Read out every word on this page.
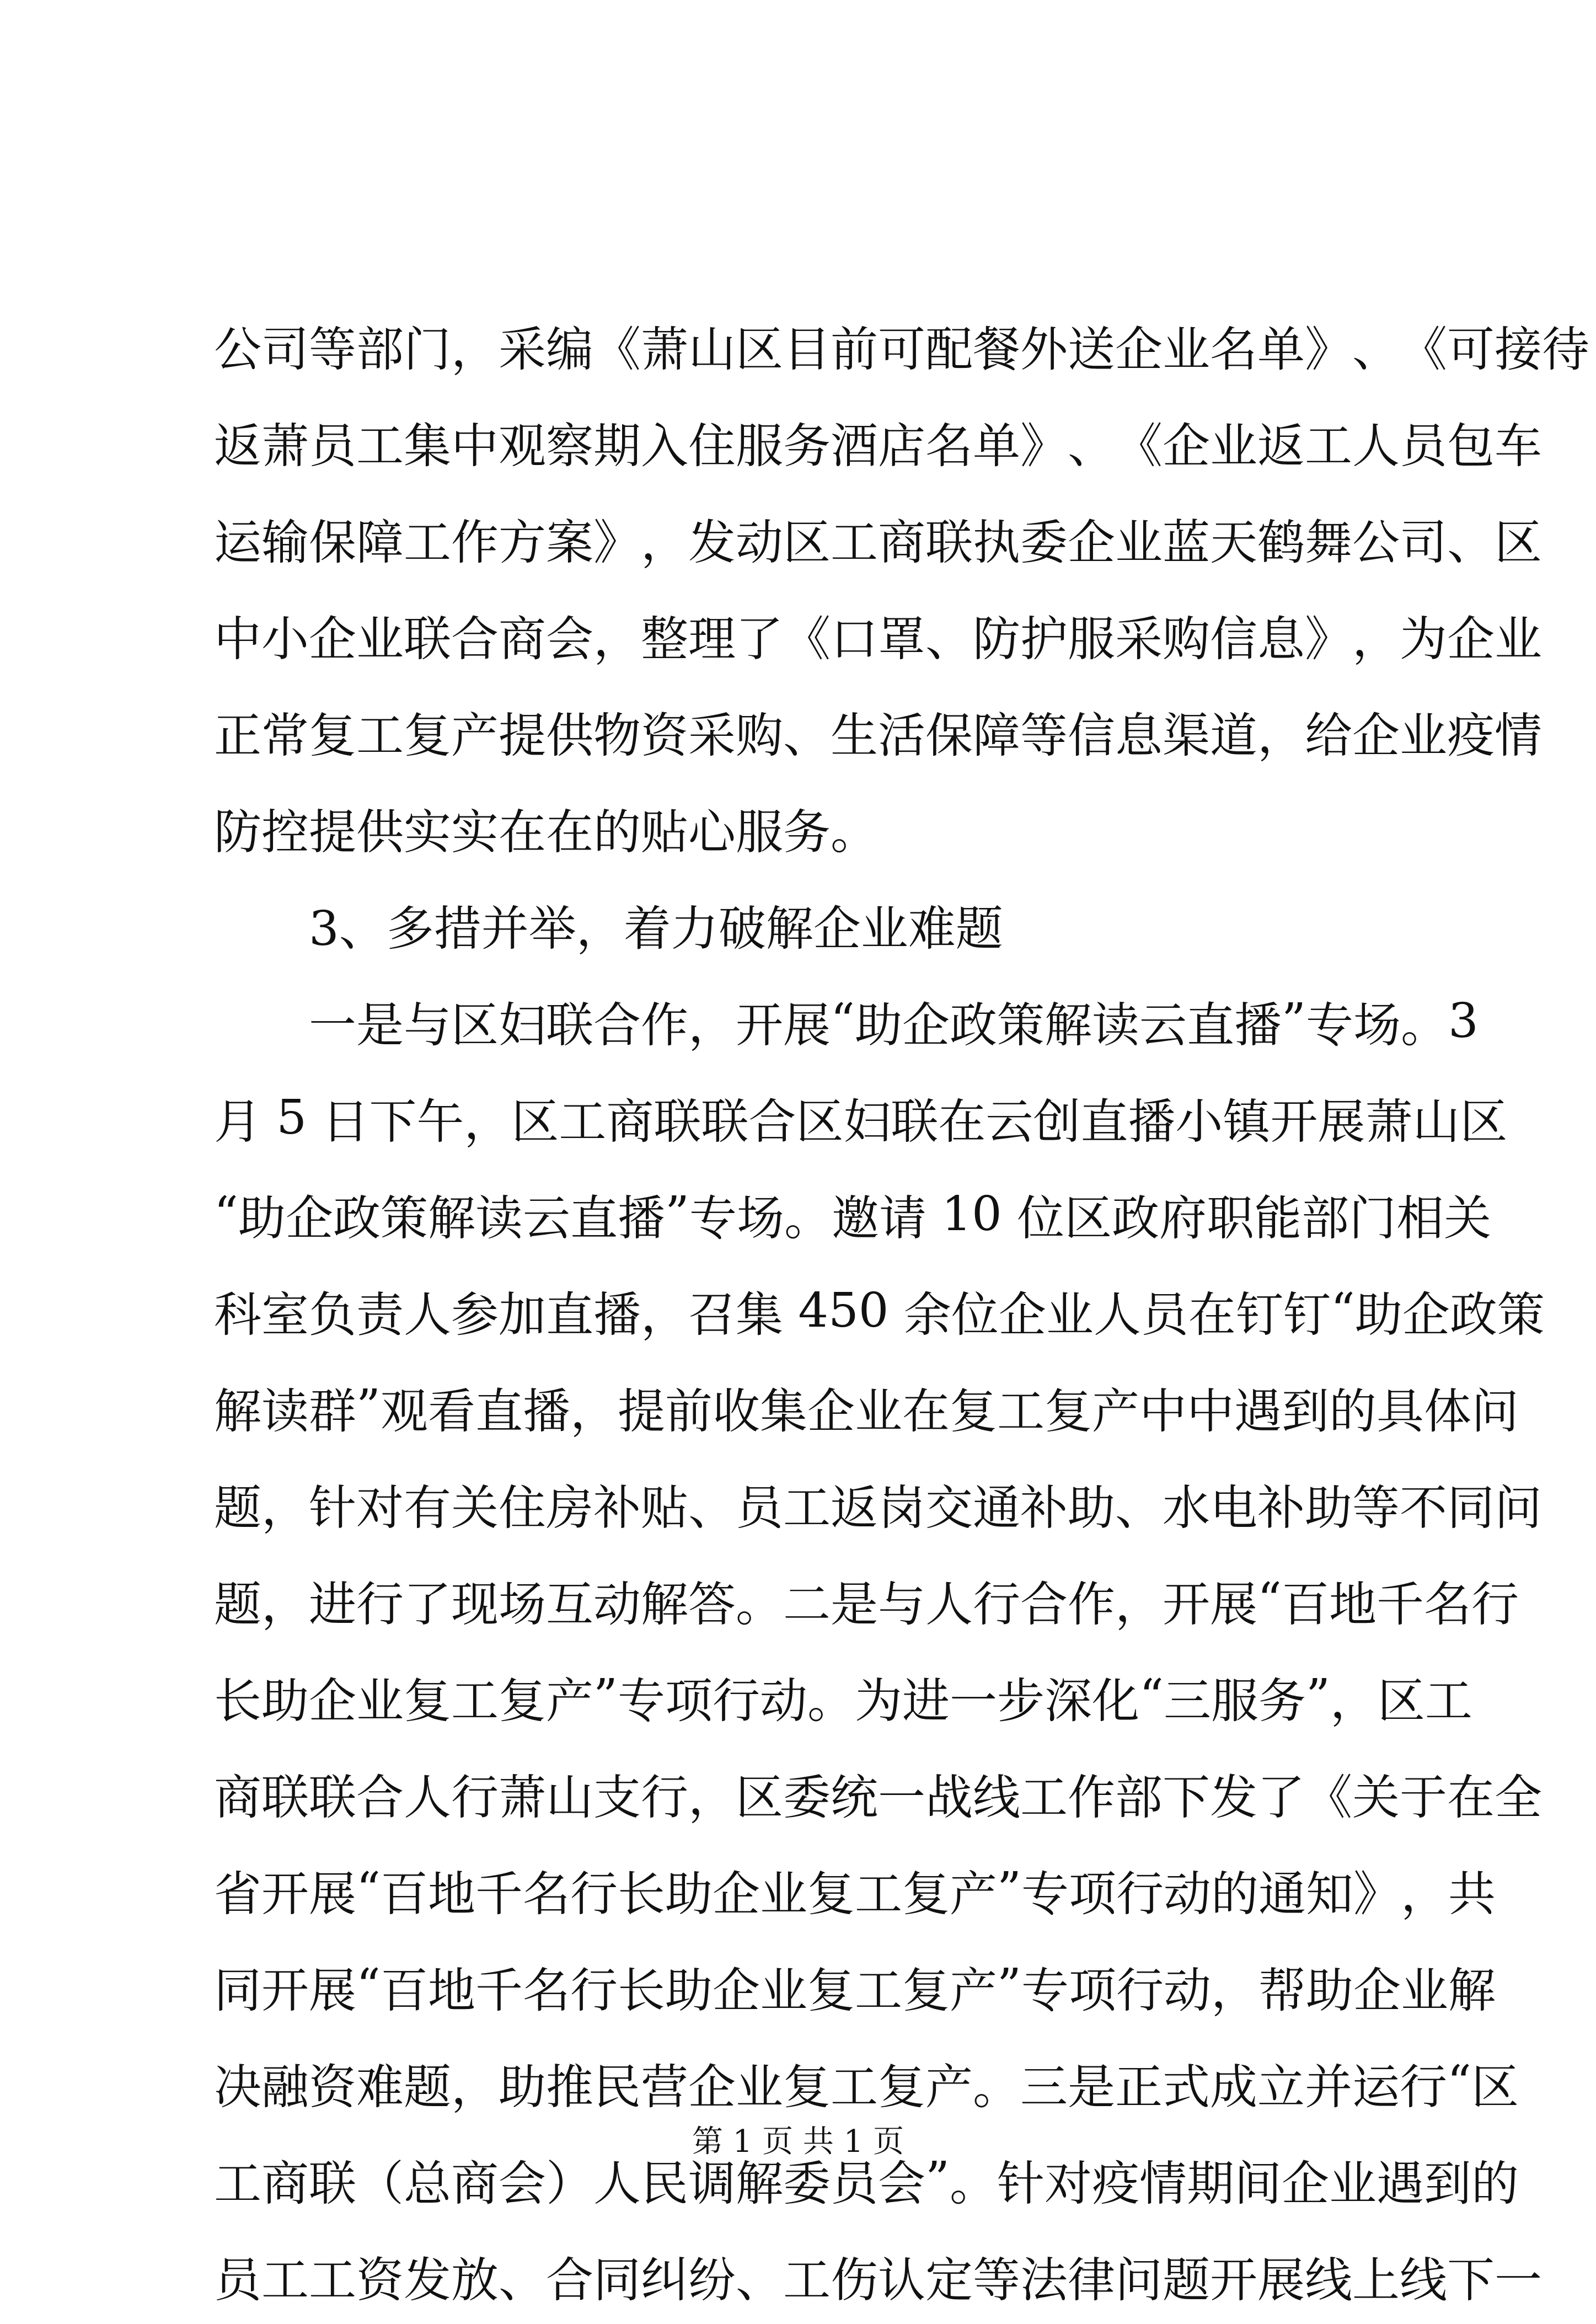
公 司 等 部 门 ， 采 编 《 萧 山 区 目 前 可 配 餐 外 送 企 业 名 单 》 、 《 可 接 待
返 萧 员 工 集 中 观 察 期 入 住 服 务 酒 店 名 单 》 、 《 企 业 返 工 人 员 包 车
运 输 保 障 工 作 方 案 》 ， 发 动 区 工 商 联 执 委 企 业 蓝 天 鹤 舞 公 司 、 区
中 小 企 业 联 合 商 会 ， 整 理 了 《 口 罩 、 防 护 服 采 购 信 息 》 ， 为 企 业
正 常 复 工 复 产 提 供 物 资 采 购 、 生 活 保 障 等 信 息 渠 道 ， 给 企 业 疫 情
防控提供实实在在的贴心服务。
3、多措并举，着力破解企业难题
一 是 与 区 妇 联 合 作 ， 开 展 “ 助 企 政 策 解 读 云 直 播 ” 专 场 。 3
月
5
日 下 午 ， 区 工 商 联 联 合 区 妇 联 在 云 创 直 播 小 镇 开 展 萧 山 区
“ 助 企 政 策 解 读 云 直 播 ” 专 场 。 邀 请
1 0
位 区 政 府 职 能 部 门 相 关
科 室 负 责 人 参 加 直 播 ， 召 集
4 5 0
余 位 企 业 人 员 在 钉 钉 “ 助 企 政 策
解 读 群 ” 观 看 直 播 ， 提 前 收 集 企 业 在 复 工 复 产 中 中 遇 到 的 具 体 问
题 ， 针 对 有 关 住 房 补 贴 、 员 工 返 岗 交 通 补 助 、 水 电 补 助 等 不 同 问
题 ， 进 行 了 现 场 互 动 解 答 。 二 是 与 人 行 合 作 ， 开 展 “ 百 地 千 名 行
长 助 企 业 复 工 复 产 ” 专 项 行 动 。 为 进 一 步 深 化 “ 三 服 务 ” ， 区 工
商 联 联 合 人 行 萧 山 支 行 ， 区 委 统 一 战 线 工 作 部 下 发 了 《 关 于 在 全
省 开 展 “ 百 地 千 名 行 长 助 企 业 复 工 复 产 ” 专 项 行 动 的 通 知 》 ， 共
同 开 展 “ 百 地 千 名 行 长 助 企 业 复 工 复 产 ” 专 项 行 动 ， 帮 助 企 业 解
决 融 资 难 题 ， 助 推 民 营 企 业 复 工 复 产 。 三 是 正 式 成 立 并 运 行 “ 区
工 商 联 （ 总 商 会 ） 人 民 调 解 委 员 会 ” 。 针 对 疫 情 期 间 企 业 遇 到 的
员 工 工 资 发 放 、 合 同 纠 纷 、 工 伤 认 定 等 法 律 问 题 开 展 线 上 线 下 一
第 1 页 共 1 页
